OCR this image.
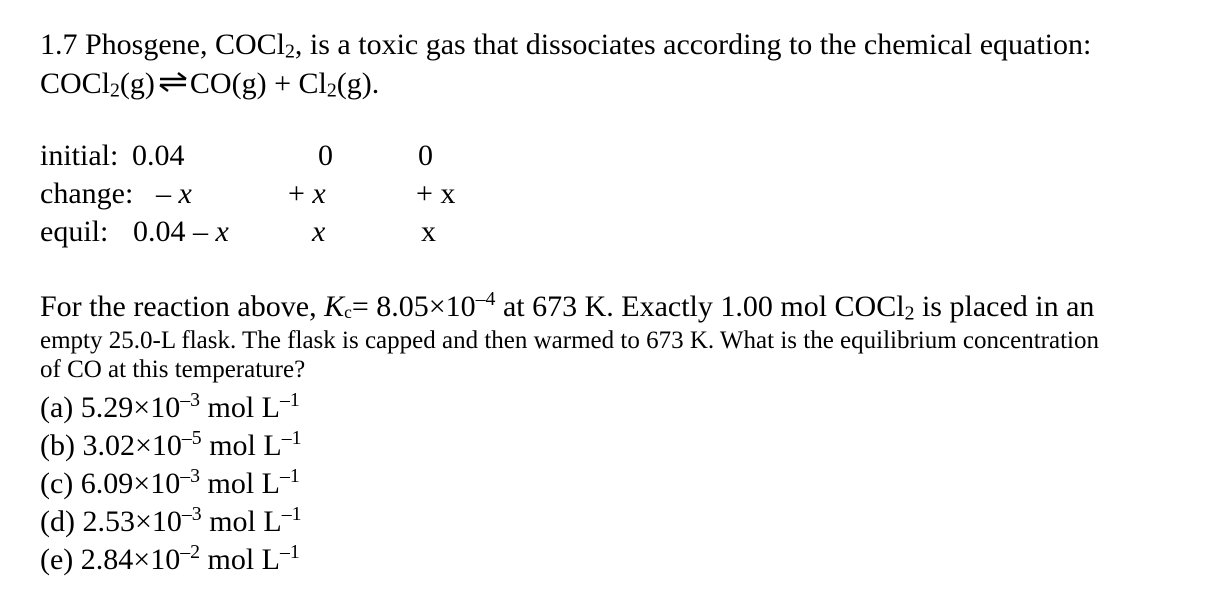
1.7 Phosgene, COCl$_2$, is a toxic gas that dissociates according to the chemical equation:
COCl$_2$(g) ⇌CO(g) + $Cl_2(g)$.
initial: 0.04	0	0
change: – x	+ x	+ x
equil: 0.04 – x	x	x
For the reaction above, $K_c= 8.05\times 10^{-4}$ at 673 K. Exactly 1.00 mol COCl$_2$ is placed in an
empty 25.0-L flask. The flask is capped and then warmed to 673 K. What is the equilibrium concentration
of CO at this temperature?
(a) $5.29\times 10^{-3}$ mol $L^{-1}$
(b) $3.02\times 10^{-5}$ mol $L^{-1}$
(c) $6.09\times 10^{-3}$ mol $L^{-1}$
(d) $2.53\times 10^{-3}$ mol $L^{-1}$
(e) $2.84\times 10^{-2}$ mol $L^{-1}$
